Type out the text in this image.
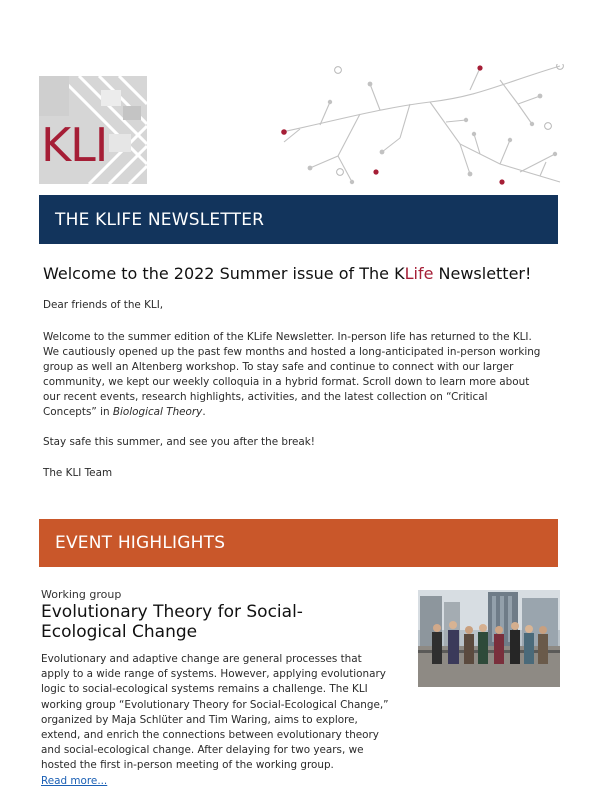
KLI
THE KLIFE NEWSLETTER
Welcome to the 2022 Summer issue of The KLife Newsletter!
Dear friends of the KLI,
Welcome to the summer edition of the KLife Newsletter. In-person life has returned to the KLI. We cautiously opened up the past few months and hosted a long-anticipated in-person working group as well an Altenberg workshop. To stay safe and continue to connect with our larger community, we kept our weekly colloquia in a hybrid format. Scroll down to learn more about our recent events, research highlights, activities, and the latest collection on “Critical Concepts” in Biological Theory.
Stay safe this summer, and see you after the break!
The KLI Team
EVENT HIGHLIGHTS
Working group
Evolutionary Theory for Social-Ecological Change
Evolutionary and adaptive change are general processes that apply to a wide range of systems. However, applying evolutionary logic to social-ecological systems remains a challenge. The KLI working group “Evolutionary Theory for Social-Ecological Change,” organized by Maja Schlüter and Tim Waring, aims to explore, extend, and enrich the connections between evolutionary theory and social-ecological change. After delaying for two years, we hosted the first in-person meeting of the working group.
Read more...
